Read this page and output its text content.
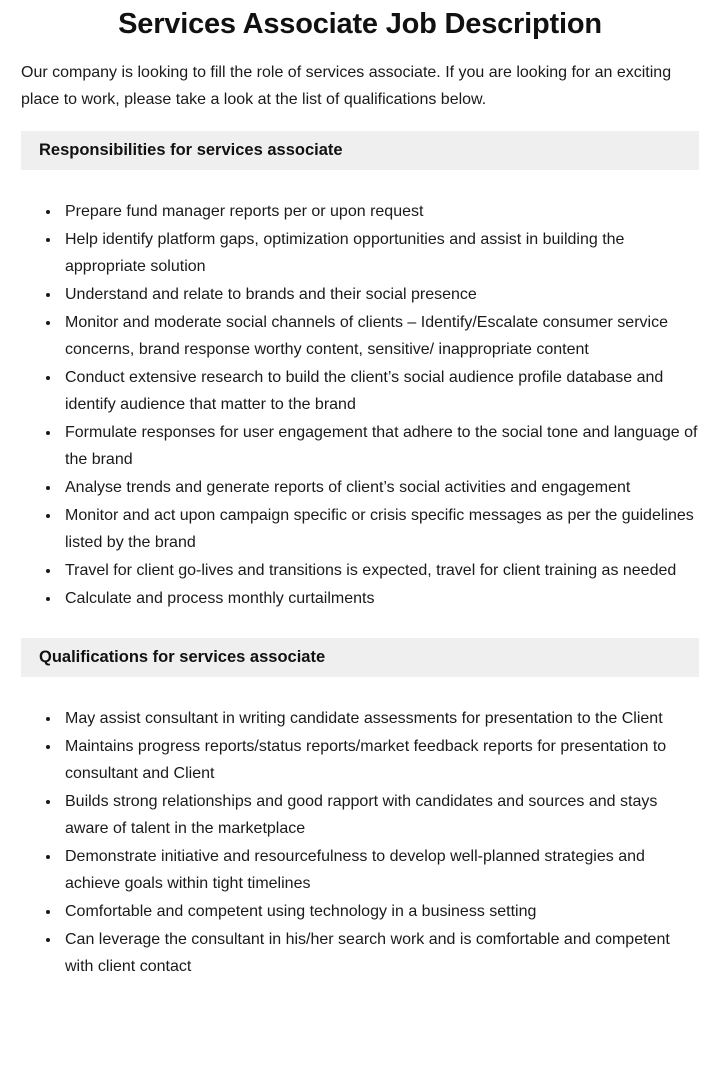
Services Associate Job Description

Our company is looking to fill the role of services associate. If you are looking for an exciting place to work, please take a look at the list of qualifications below.

Responsibilities for services associate
• Prepare fund manager reports per or upon request
• Help identify platform gaps, optimization opportunities and assist in building the appropriate solution
• Understand and relate to brands and their social presence
• Monitor and moderate social channels of clients – Identify/Escalate consumer service concerns, brand response worthy content, sensitive/ inappropriate content
• Conduct extensive research to build the client’s social audience profile database and identify audience that matter to the brand
• Formulate responses for user engagement that adhere to the social tone and language of the brand
• Analyse trends and generate reports of client’s social activities and engagement
• Monitor and act upon campaign specific or crisis specific messages as per the guidelines listed by the brand
• Travel for client go-lives and transitions is expected, travel for client training as needed
• Calculate and process monthly curtailments
Qualifications for services associate
• May assist consultant in writing candidate assessments for presentation to the Client
• Maintains progress reports/status reports/market feedback reports for presentation to consultant and Client
• Builds strong relationships and good rapport with candidates and sources and stays aware of talent in the marketplace
• Demonstrate initiative and resourcefulness to develop well-planned strategies and achieve goals within tight timelines
• Comfortable and competent using technology in a business setting
• Can leverage the consultant in his/her search work and is comfortable and competent with client contact
